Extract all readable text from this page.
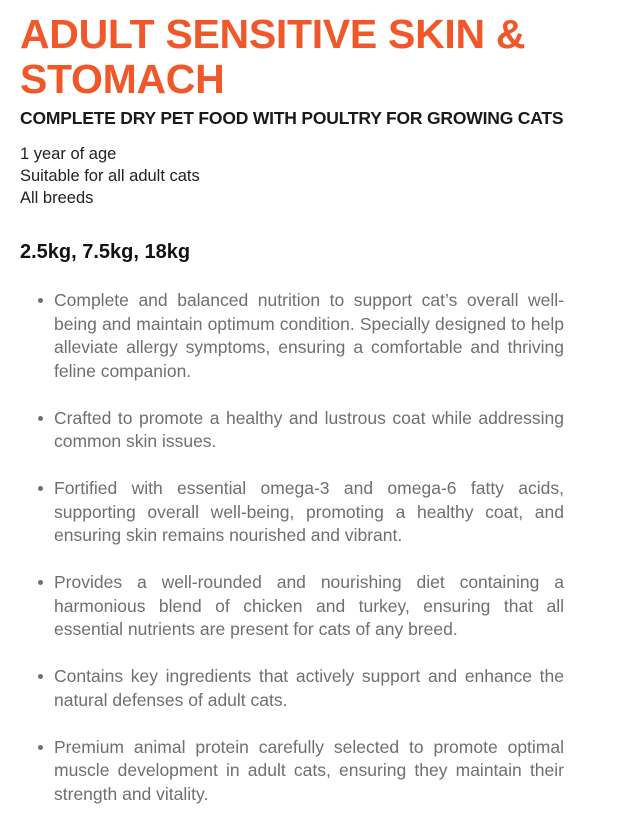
ADULT SENSITIVE SKIN & STOMACH
COMPLETE DRY PET FOOD WITH POULTRY FOR GROWING CATS
1 year of age
Suitable for all adult cats
All breeds
2.5kg, 7.5kg, 18kg
Complete and balanced nutrition to support cat’s overall well-being and maintain optimum condition. Specially designed to help alleviate allergy symptoms, ensuring a comfortable and thriving feline companion.
Crafted to promote a healthy and lustrous coat while addressing common skin issues.
Fortified with essential omega-3 and omega-6 fatty acids, supporting overall well-being, promoting a healthy coat, and ensuring skin remains nourished and vibrant.
Provides a well-rounded and nourishing diet containing a harmonious blend of chicken and turkey, ensuring that all essential nutrients are present for cats of any breed.
Contains key ingredients that actively support and enhance the natural defenses of adult cats.
Premium animal protein carefully selected to promote optimal muscle development in adult cats, ensuring they maintain their strength and vitality.
